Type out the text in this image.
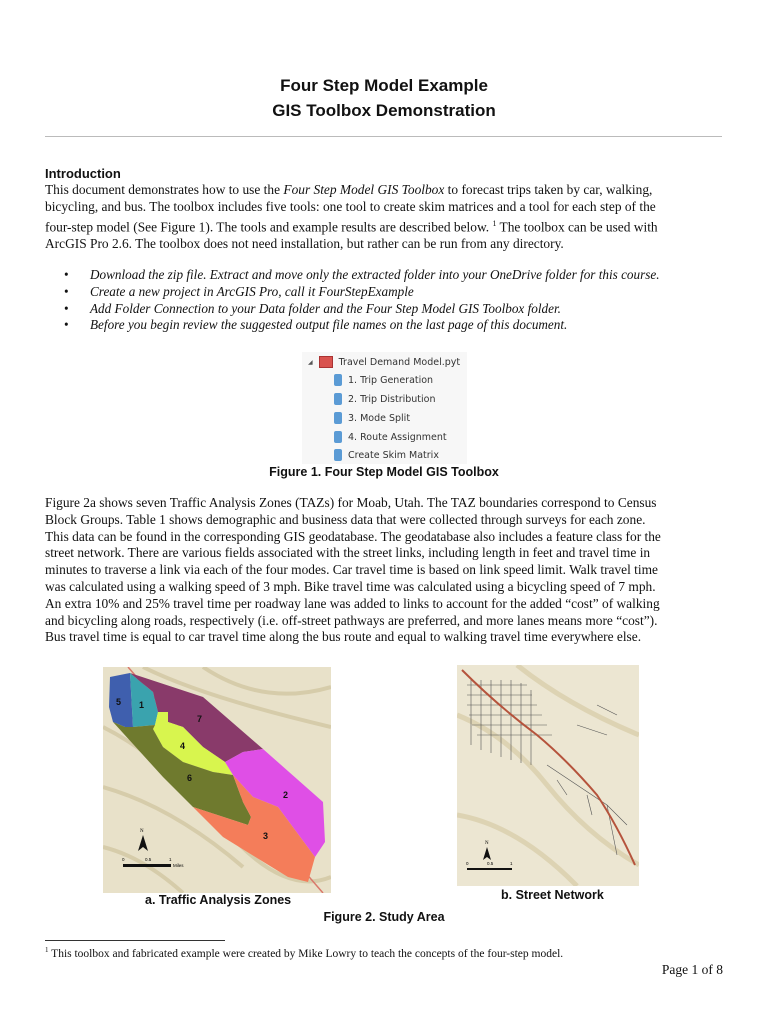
Four Step Model Example
GIS Toolbox Demonstration
Introduction

This document demonstrates how to use the Four Step Model GIS Toolbox to forecast trips taken by car, walking,

bicycling, and bus. The toolbox includes five tools: one tool to create skim matrices and a tool for each step of the

four-step model (See Figure 1). The tools and example results are described below. $^1$ The toolbox can be used with

ArcGIS Pro 2.6. The toolbox does not need installation, but rather can be run from any directory.

• Download the zip file. Extract and move only the extracted folder into your OneDrive folder for this course.
• Create a new project in ArcGIS Pro, call it FourStepExample
• Add Folder Connection to your Data folder and the Four Step Model GIS Toolbox folder.
• Before you begin review the suggested output file names on the last page of this document.
◢	Travel Demand Model.pyt
1. Trip Generation
2. Trip Distribution
3. Mode Split
4. Route Assignment
Create Skim Matrix
Figure 1. Four Step Model GIS Toolbox

Figure 2a shows seven Traffic Analysis Zones (TAZs) for Moab, Utah. The TAZ boundaries correspond to Census

Block Groups. Table 1 shows demographic and business data that were collected through surveys for each zone.

This data can be found in the corresponding GIS geodatabase. The geodatabase also includes a feature class for the

street network. There are various fields associated with the street links, including length in feet and travel time in

minutes to traverse a link via each of the four modes. Car travel time is based on link speed limit. Walk travel time

was calculated using a walking speed of 3 mph. Bike travel time was calculated using a bicycling speed of 7 mph.

An extra 10% and 25% travel time per roadway lane was added to links to account for the added “cost” of walking

and bicycling along roads, respectively (i.e. off-street pathways are preferred, and more lanes means more “cost”).

Bus travel time is equal to car travel time along the bus route and equal to walking travel time everywhere else.

5 1
7
4
6
2
3
N
0	0.5	1
Miles
N
0	0.5	1
a. Traffic Analysis Zones	b. Street Network
Figure 2. Study Area
$^1$ This toolbox and fabricated example were created by Mike Lowry to teach the concepts of the four-step model.
Page 1 of 8
